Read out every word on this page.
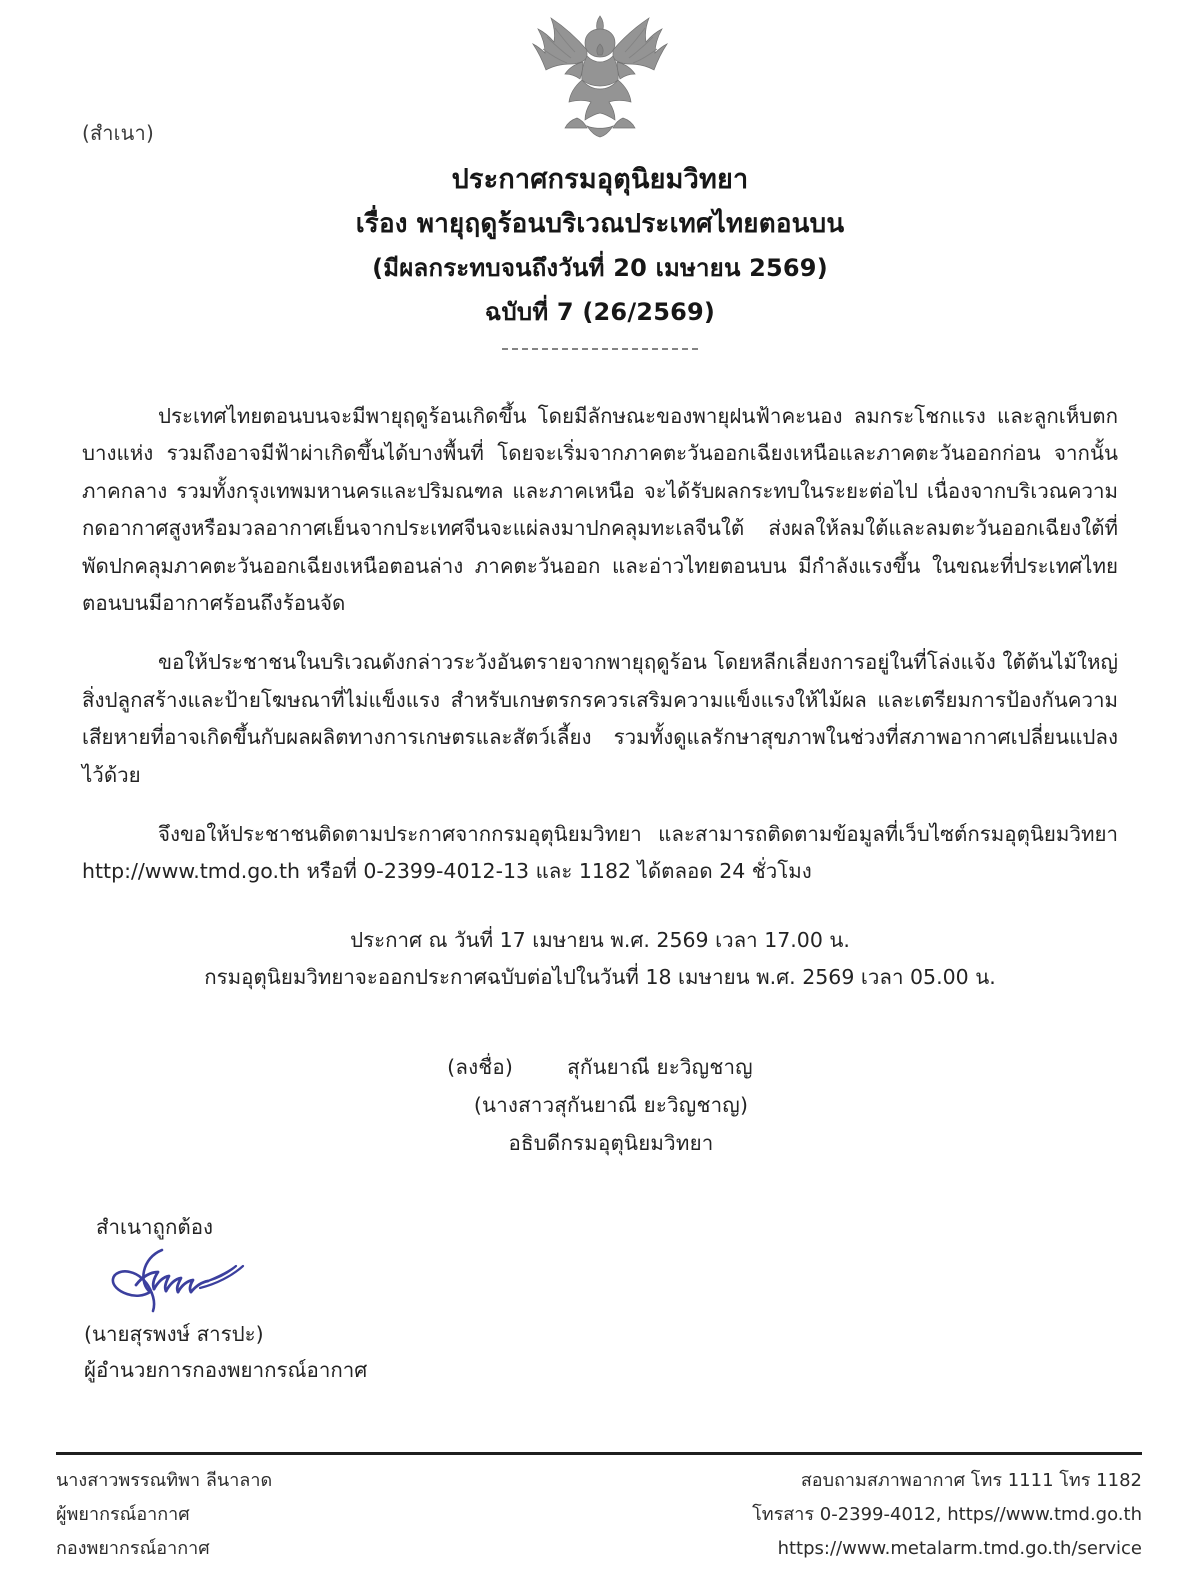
(สำเนา)
ประกาศกรมอุตุนิยมวิทยา
เรื่อง พายุฤดูร้อนบริเวณประเทศไทยตอนบน
(มีผลกระทบจนถึงวันที่ 20 เมษายน 2569)
ฉบับที่ 7 (26/2569)

ประเทศไทยตอนบนจะมีพายุฤดูร้อนเกิดขึ้น โดยมีลักษณะของพายุฝนฟ้าคะนอง ลมกระโชกแรง และลูกเห็บตกบางแห่ง รวมถึงอาจมีฟ้าผ่าเกิดขึ้นได้บางพื้นที่ โดยจะเริ่มจากภาคตะวันออกเฉียงเหนือและภาคตะวันออกก่อน จากนั้นภาคกลาง รวมทั้งกรุงเทพมหานครและปริมณฑล และภาคเหนือ จะได้รับผลกระทบในระยะต่อไป เนื่องจากบริเวณความกดอากาศสูงหรือมวลอากาศเย็นจากประเทศจีนจะแผ่ลงมาปกคลุมทะเลจีนใต้ ส่งผลให้ลมใต้และลมตะวันออกเฉียงใต้ที่พัดปกคลุมภาคตะวันออกเฉียงเหนือตอนล่าง ภาคตะวันออก และอ่าวไทยตอนบน มีกำลังแรงขึ้น ในขณะที่ประเทศไทยตอนบนมีอากาศร้อนถึงร้อนจัด

ขอให้ประชาชนในบริเวณดังกล่าวระวังอันตรายจากพายุฤดูร้อน โดยหลีกเลี่ยงการอยู่ในที่โล่งแจ้ง ใต้ต้นไม้ใหญ่ สิ่งปลูกสร้างและป้ายโฆษณาที่ไม่แข็งแรง สำหรับเกษตรกรควรเสริมความแข็งแรงให้ไม้ผล และเตรียมการป้องกันความเสียหายที่อาจเกิดขึ้นกับผลผลิตทางการเกษตรและสัตว์เลี้ยง รวมทั้งดูแลรักษาสุขภาพในช่วงที่สภาพอากาศเปลี่ยนแปลงไว้ด้วย

จึงขอให้ประชาชนติดตามประกาศจากกรมอุตุนิยมวิทยา และสามารถติดตามข้อมูลที่เว็บไซต์กรมอุตุนิยมวิทยา http://www.tmd.go.th หรือที่ 0-2399-4012-13 และ 1182 ได้ตลอด 24 ชั่วโมง

ประกาศ ณ วันที่ 17 เมษายน พ.ศ. 2569 เวลา 17.00 น.
กรมอุตุนิยมวิทยาจะออกประกาศฉบับต่อไปในวันที่ 18 เมษายน พ.ศ. 2569 เวลา 05.00 น.
(ลงชื่อ)	สุกันยาณี ยะวิญชาญ
(นางสาวสุกันยาณี ยะวิญชาญ)
อธิบดีกรมอุตุนิยมวิทยา
สำเนาถูกต้อง
(นายสุรพงษ์ สารปะ)
ผู้อำนวยการกองพยากรณ์อากาศ
นางสาวพรรณทิพา ลีนาลาด
ผู้พยากรณ์อากาศ
กองพยากรณ์อากาศ
สอบถามสภาพอากาศ โทร 1111 โทร 1182
โทรสาร 0-2399-4012, https//www.tmd.go.th
https://www.metalarm.tmd.go.th/service
